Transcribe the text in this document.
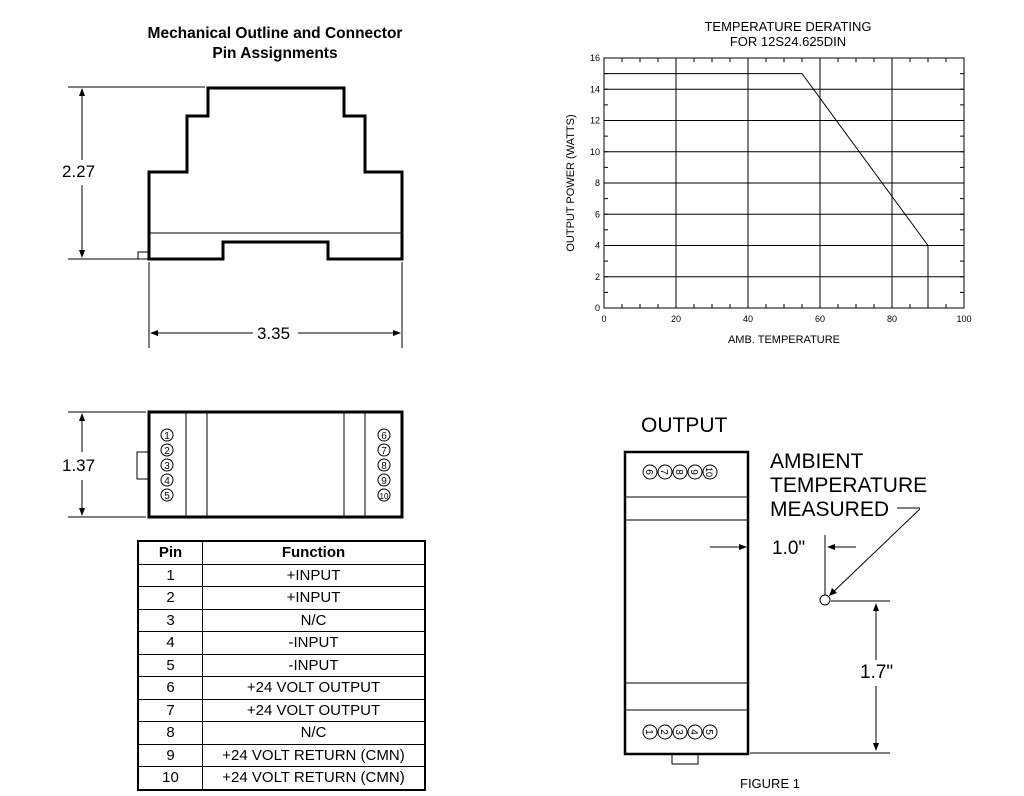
Mechanical Outline and Connector
Pin Assignments
2.27
3.35
1
2
3
4
5
6
7
8
9
10
1.37
Pin	Function
1	+INPUT
2	+INPUT
3	N/C
4	-INPUT
5	-INPUT
6	+24 VOLT OUTPUT
7	+24 VOLT OUTPUT
8	N/C
9	+24 VOLT RETURN (CMN)
10	+24 VOLT RETURN (CMN)
TEMPERATURE DERATING
FOR 12S24.625DIN
0	20	40	60	80	100
0
2
4
6
8
10
12
14
16
AMB. TEMPERATURE
OUTPUT POWER (WATTS)
OUTPUT
AMBIENT
TEMPERATURE
MEASURED
6 7 8 9 10
1 2 3 4 5
1.0"
1.7"
FIGURE 1
